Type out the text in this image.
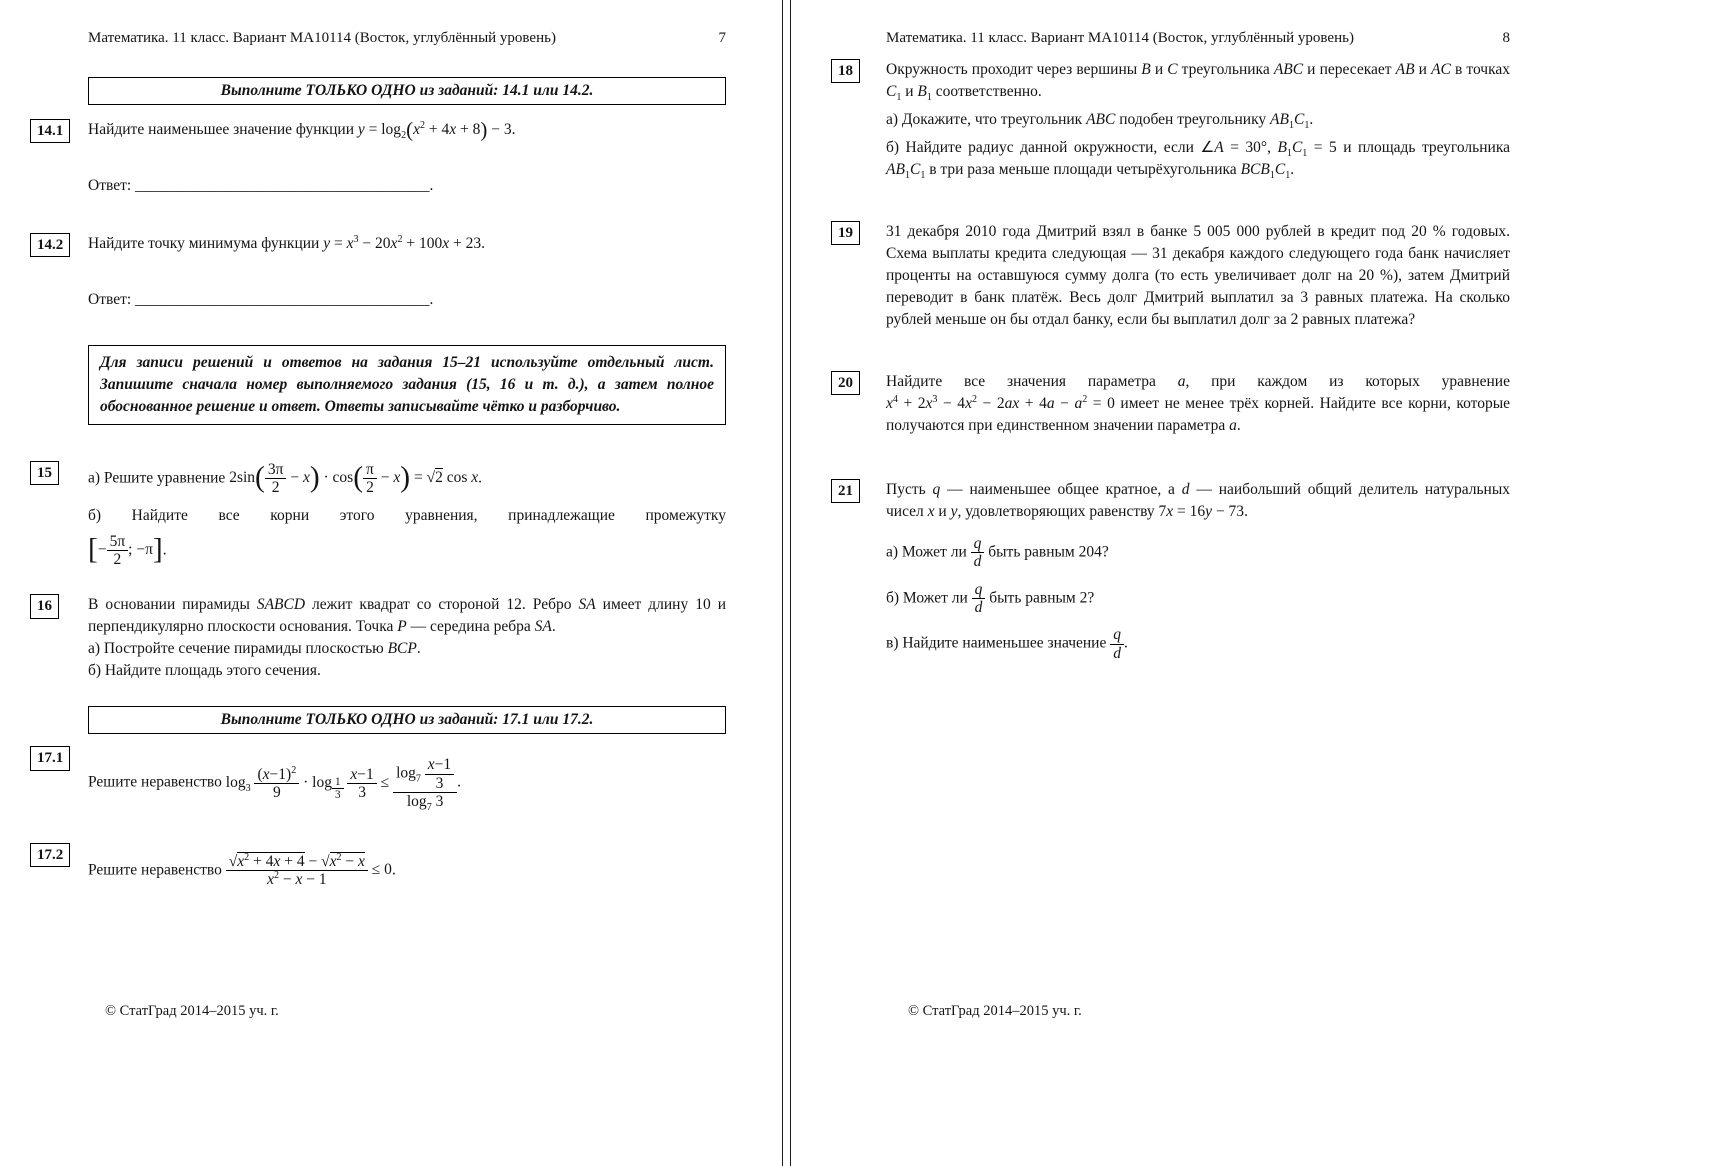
Математика. 11 класс. Вариант МА10114 (Восток, углублённый уровень)	7
Выполните ТОЛЬКО ОДНО из заданий: 14.1 или 14.2.
14.1	Найдите наименьшее значение функции $y = \log_2(x^2 + 4x + 8) - 3$.

Ответ: ______________________________________.

14.2	Найдите точку минимума функции $y = x^3 - 20x^2 + 100x + 23$.

Ответ: ______________________________________.

Для записи решений и ответов на задания 15–21 используйте отдельный лист. Запишите сначала номер выполняемого задания (15, 16 и т. д.), а затем полное обоснованное решение и ответ. Ответы записывайте чётко и разборчиво.
15	а) Решите уравнение $2\sin( \frac{3\pi}{2} - x) \cdot \cos( \frac{\pi}{2} - x) = √2$ cos x.

б) Найдите все корни этого уравнения, принадлежащие промежутку

[− $\frac{5\pi}{2}$ ; −π].

16	В основании пирамиды SABCD лежит квадрат со стороной 12. Ребро SA имеет длину 10 и перпендикулярно плоскости основания. Точка P — середина ребра SA.

а) Постройте сечение пирамиды плоскостью BCP.

б) Найдите площадь этого сечения.

Выполните ТОЛЬКО ОДНО из заданий: 17.1 или 17.2.
17.1

Решите неравенство $\log_3 \frac{(x-1)^2}{9} \cdot \log _{\frac{1}{3}}$
$\frac{x-1}{3} \le \frac{\log_7 \frac{x-1}{3}}{\log_7 3}$ .

17.2

Решите неравенство $\frac{√x^2 + 4x + 4 - √x^2 - x}{x^2 - x - 1} \le 0$.

© СтатГрад 2014–2015 уч. г.
Математика. 11 класс. Вариант МА10114 (Восток, углублённый уровень)	8
18	Окружность проходит через вершины B и C треугольника ABC и пересекает AB и AC в точках $C_1$ и $B_1$ соответственно.

а) Докажите, что треугольник ABC подобен треугольнику $AB_1C_1$.

б) Найдите радиус данной окружности, если ∠A = 30°, $B_1C_1 = 5$ и площадь треугольника $AB_1C_1$ в три раза меньше площади четырёхугольника $BCB_1C_1$.

19	31 декабря 2010 года Дмитрий взял в банке 5 005 000 рублей в кредит под 20 % годовых. Схема выплаты кредита следующая — 31 декабря каждого следующего года банк начисляет проценты на оставшуюся сумму долга (то есть увеличивает долг на 20 %), затем Дмитрий переводит в банк платёж. Весь долг Дмитрий выплатил за 3 равных платежа. На сколько рублей меньше он бы отдал банку, если бы выплатил долг за 2 равных платежа?

20	Найдите все значения параметра a, при каждом из которых уравнение $x^4 + 2x^3 - 4x^2 - 2ax + 4a - a^2 = 0$ имеет не менее трёх корней. Найдите все корни, которые получаются при единственном значении параметра a.

21	Пусть q — наименьшее общее кратное, а d — наибольший общий делитель натуральных чисел x и y, удовлетворяющих равенству 7x = 16y − 73.

а) Может ли $\frac{q}{d}$ быть равным 204?

б) Может ли $\frac{q}{d}$ быть равным 2?

в) Найдите наименьшее значение $\frac{q}{d}$ .

© СтатГрад 2014–2015 уч. г.
